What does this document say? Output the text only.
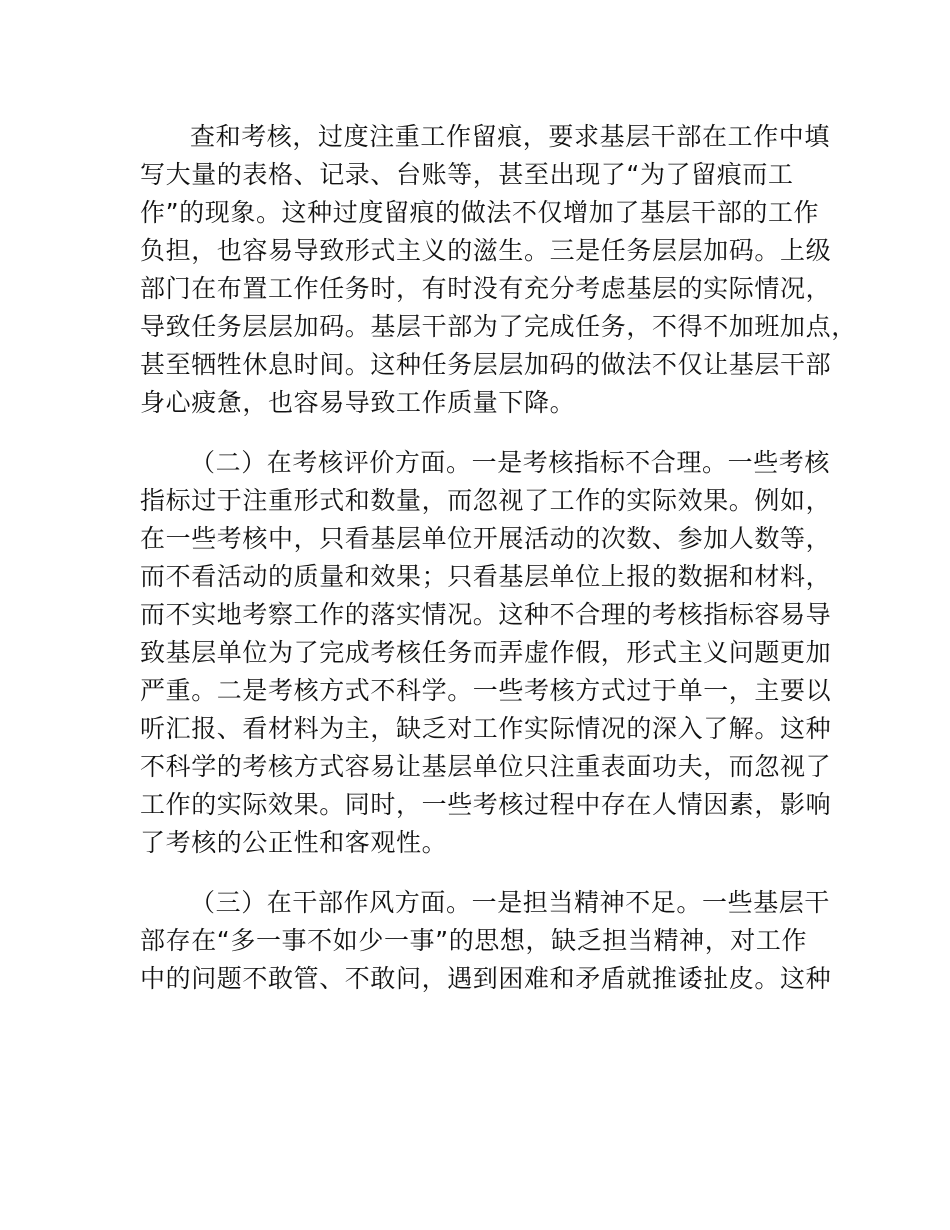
查和考核，过度注重工作留痕，要求基层干部在工作中填
写大量的表格、记录、台账等，甚至出现了“为了留痕而工
作”的现象。这种过度留痕的做法不仅增加了基层干部的工作
负担，也容易导致形式主义的滋生。三是任务层层加码。上级
部门在布置工作任务时，有时没有充分考虑基层的实际情况，
导致任务层层加码。基层干部为了完成任务，不得不加班加点，
甚至牺牲休息时间。这种任务层层加码的做法不仅让基层干部
身心疲惫，也容易导致工作质量下降。
（二）在考核评价方面。一是考核指标不合理。一些考核
指标过于注重形式和数量，而忽视了工作的实际效果。例如，
在一些考核中，只看基层单位开展活动的次数、参加人数等，
而不看活动的质量和效果；只看基层单位上报的数据和材料，
而不实地考察工作的落实情况。这种不合理的考核指标容易导
致基层单位为了完成考核任务而弄虚作假，形式主义问题更加
严重。二是考核方式不科学。一些考核方式过于单一，主要以
听汇报、看材料为主，缺乏对工作实际情况的深入了解。这种
不科学的考核方式容易让基层单位只注重表面功夫，而忽视了
工作的实际效果。同时，一些考核过程中存在人情因素，影响
了考核的公正性和客观性。
（三）在干部作风方面。一是担当精神不足。一些基层干
部存在“多一事不如少一事”的思想，缺乏担当精神，对工作
中的问题不敢管、不敢问，遇到困难和矛盾就推诿扯皮。这种
